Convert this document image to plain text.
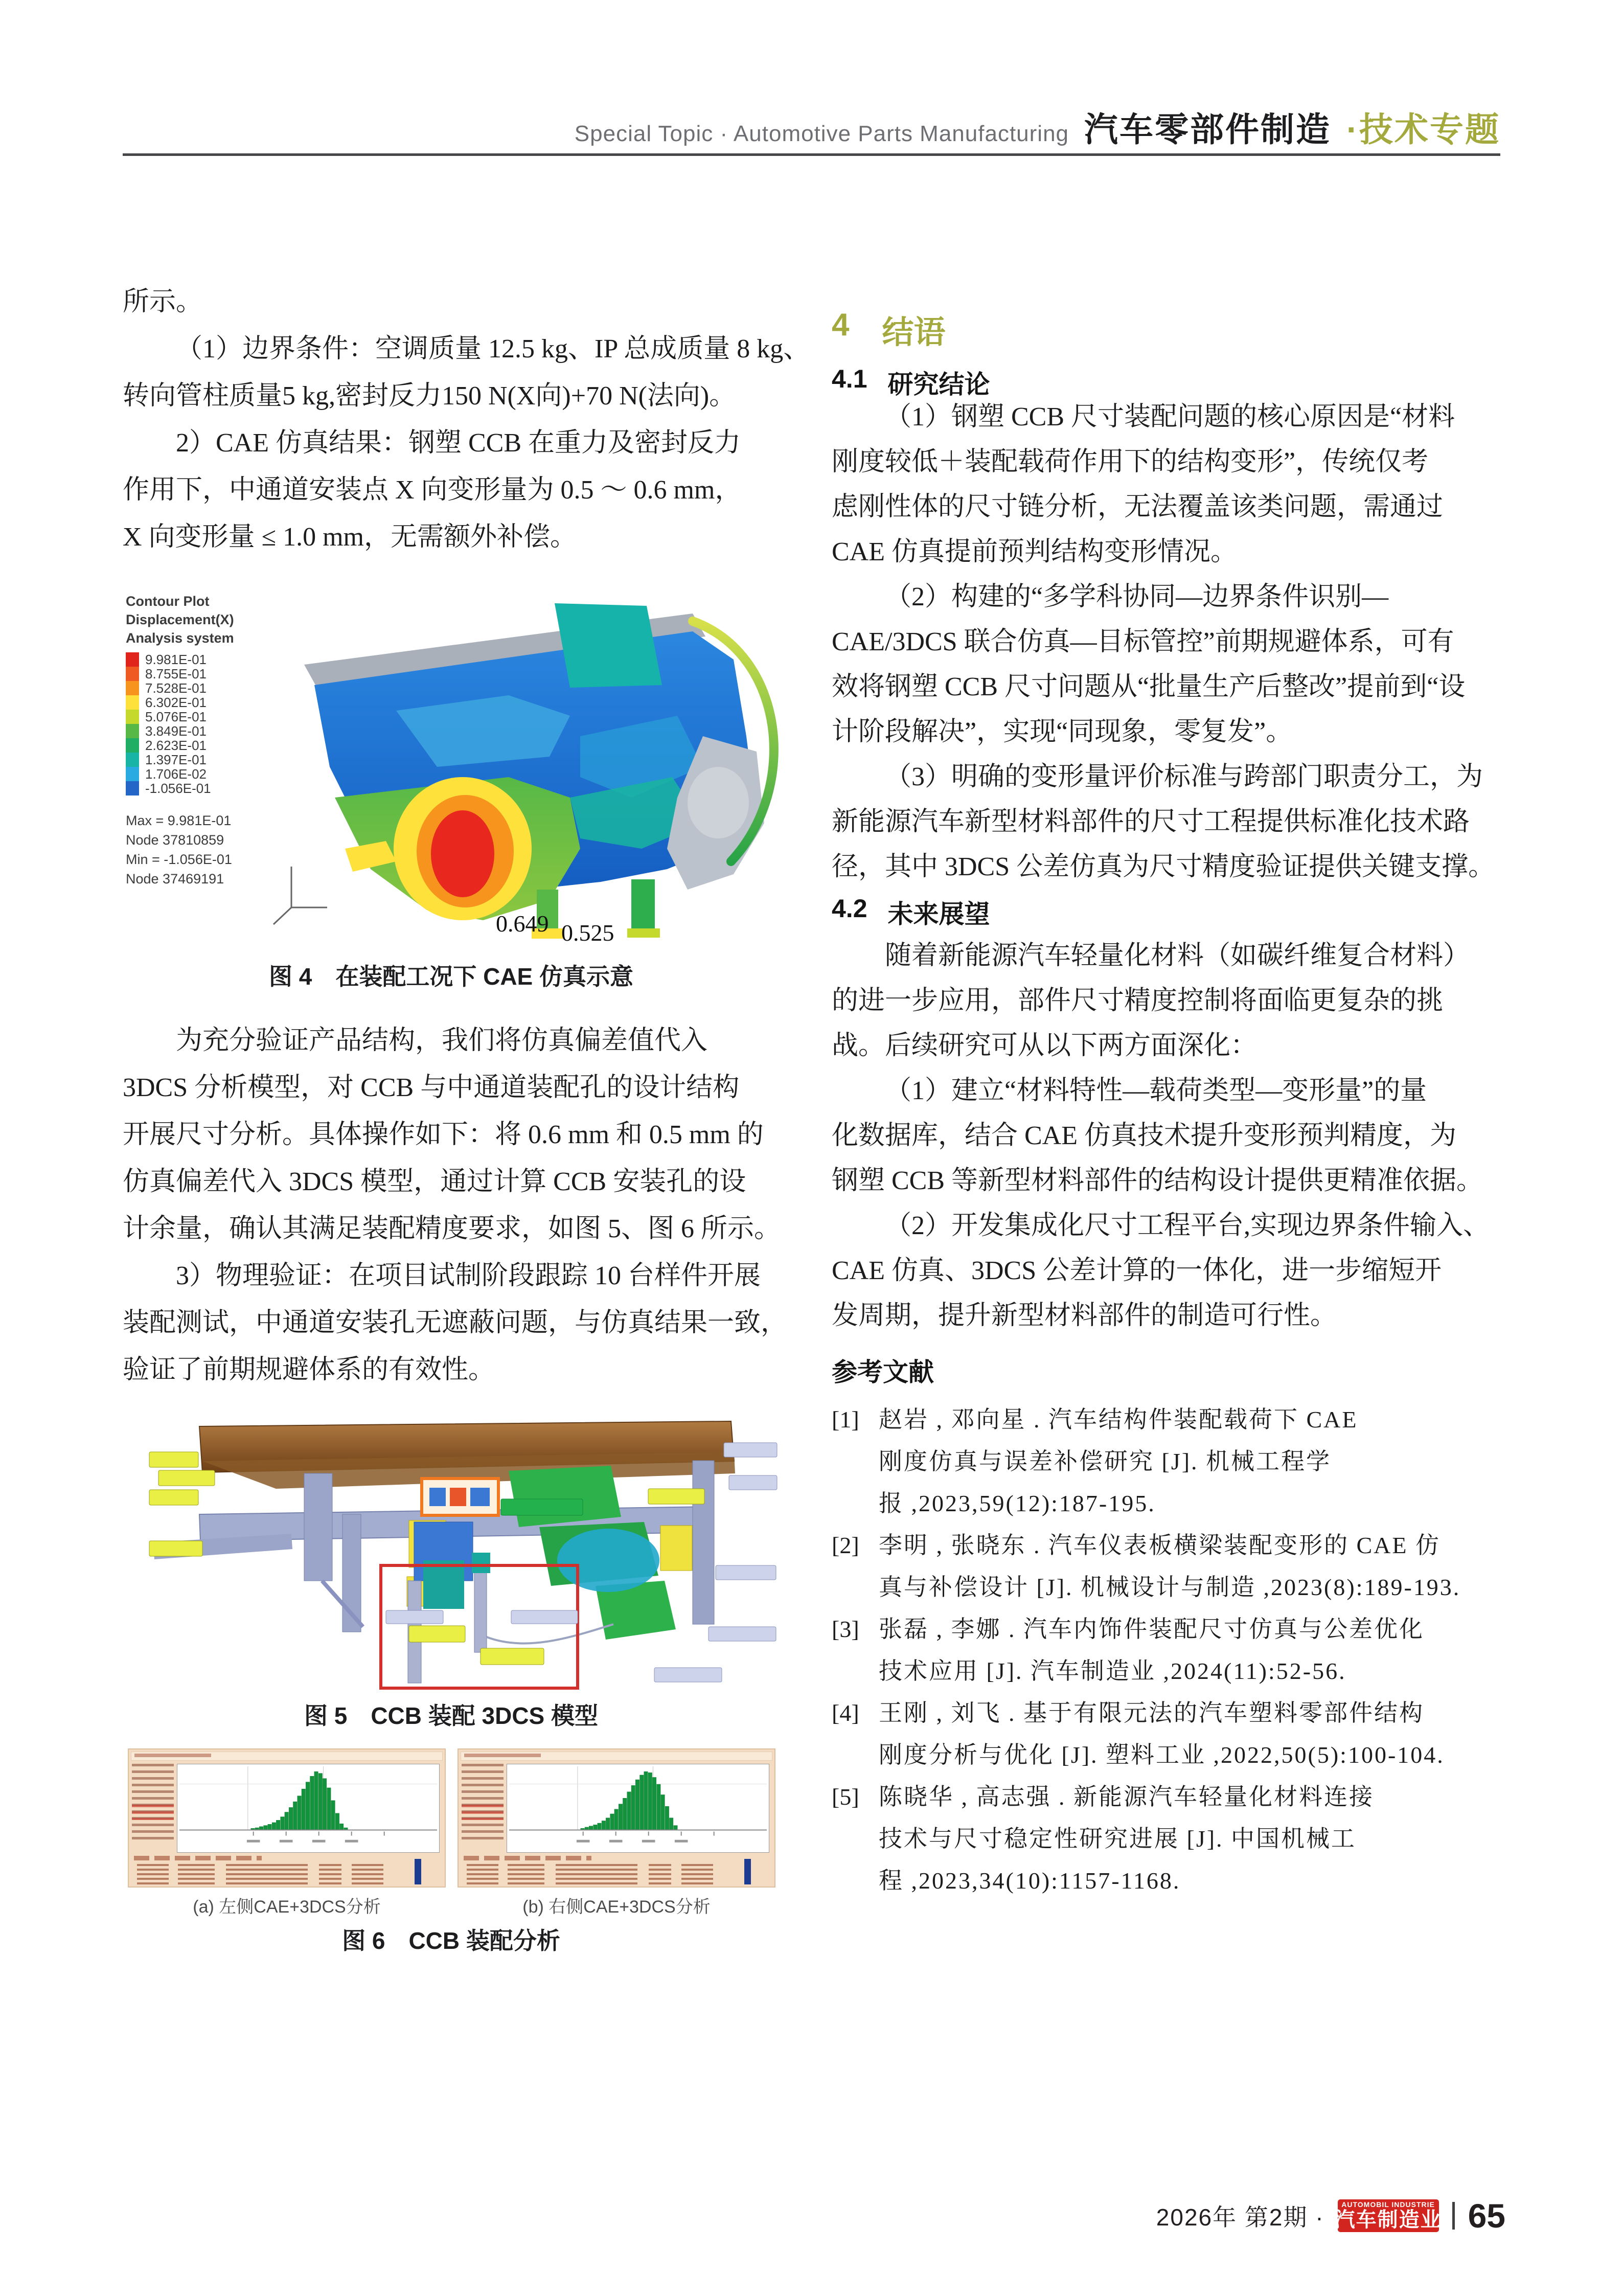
Special Topic · Automotive Parts Manufacturing 汽车零部件制造 ·技术专题
所示。
（1）边界条件：空调质量 12.5 kg、IP 总成质量 8 kg、
转向管柱质量5 kg,密封反力150 N(X向)+70 N(法向)。
2）CAE 仿真结果：钢塑 CCB 在重力及密封反力
作用下，中通道安装点 X 向变形量为 0.5 ～ 0.6 mm，
X 向变形量 ≤ 1.0 mm，无需额外补偿。
Contour Plot
Displacement(X)
Analysis system
9.981E-01
8.755E-01
7.528E-01
6.302E-01
5.076E-01
3.849E-01
2.623E-01
1.397E-01
1.706E-02
-1.056E-01
Max = 9.981E-01
Node 37810859
Min = -1.056E-01
Node 37469191
0.649 0.525
图 4　在装配工况下 CAE 仿真示意
为充分验证产品结构，我们将仿真偏差值代入
3DCS 分析模型，对 CCB 与中通道装配孔的设计结构
开展尺寸分析。具体操作如下：将 0.6 mm 和 0.5 mm 的
仿真偏差代入 3DCS 模型，通过计算 CCB 安装孔的设
计余量，确认其满足装配精度要求，如图 5、图 6 所示。
3）物理验证：在项目试制阶段跟踪 10 台样件开展
装配测试，中通道安装孔无遮蔽问题，与仿真结果一致，
验证了前期规避体系的有效性。
图 5　CCB 装配 3DCS 模型
(a) 左侧CAE+3DCS分析	(b) 右侧CAE+3DCS分析
图 6　CCB 装配分析
4 结语
4.1 研究结论
（1）钢塑 CCB 尺寸装配问题的核心原因是“材料
刚度较低＋装配载荷作用下的结构变形”，传统仅考
虑刚性体的尺寸链分析，无法覆盖该类问题，需通过
CAE 仿真提前预判结构变形情况。
（2）构建的“多学科协同—边界条件识别—
CAE/3DCS 联合仿真—目标管控”前期规避体系，可有
效将钢塑 CCB 尺寸问题从“批量生产后整改”提前到“设
计阶段解决”，实现“同现象，零复发”。
（3）明确的变形量评价标准与跨部门职责分工，为
新能源汽车新型材料部件的尺寸工程提供标准化技术路
径，其中 3DCS 公差仿真为尺寸精度验证提供关键支撑。
4.2 未来展望
随着新能源汽车轻量化材料（如碳纤维复合材料）
的进一步应用，部件尺寸精度控制将面临更复杂的挑
战。后续研究可从以下两方面深化：
（1）建立“材料特性—载荷类型—变形量”的量
化数据库，结合 CAE 仿真技术提升变形预判精度，为
钢塑 CCB 等新型材料部件的结构设计提供更精准依据。
（2）开发集成化尺寸工程平台,实现边界条件输入、
CAE 仿真、3DCS 公差计算的一体化，进一步缩短开
发周期，提升新型材料部件的制造可行性。
参考文献
[1] 赵岩 , 邓向星 . 汽车结构件装配载荷下 CAE
刚度仿真与误差补偿研究 [J]. 机械工程学
报 ,2023,59(12):187-195.
[2] 李明 , 张晓东 . 汽车仪表板横梁装配变形的 CAE 仿
真与补偿设计 [J]. 机械设计与制造 ,2023(8):189-193.
[3] 张磊 , 李娜 . 汽车内饰件装配尺寸仿真与公差优化
技术应用 [J]. 汽车制造业 ,2024(11):52-56.
[4] 王刚 , 刘飞 . 基于有限元法的汽车塑料零部件结构
刚度分析与优化 [J]. 塑料工业 ,2022,50(5):100-104.
[5] 陈晓华 , 高志强 . 新能源汽车轻量化材料连接
技术与尺寸稳定性研究进展 [J]. 中国机械工
程 ,2023,34(10):1157-1168.
2026年 第2期 · AUTOMOBIL INDUSTRIE
汽车制造业 65
